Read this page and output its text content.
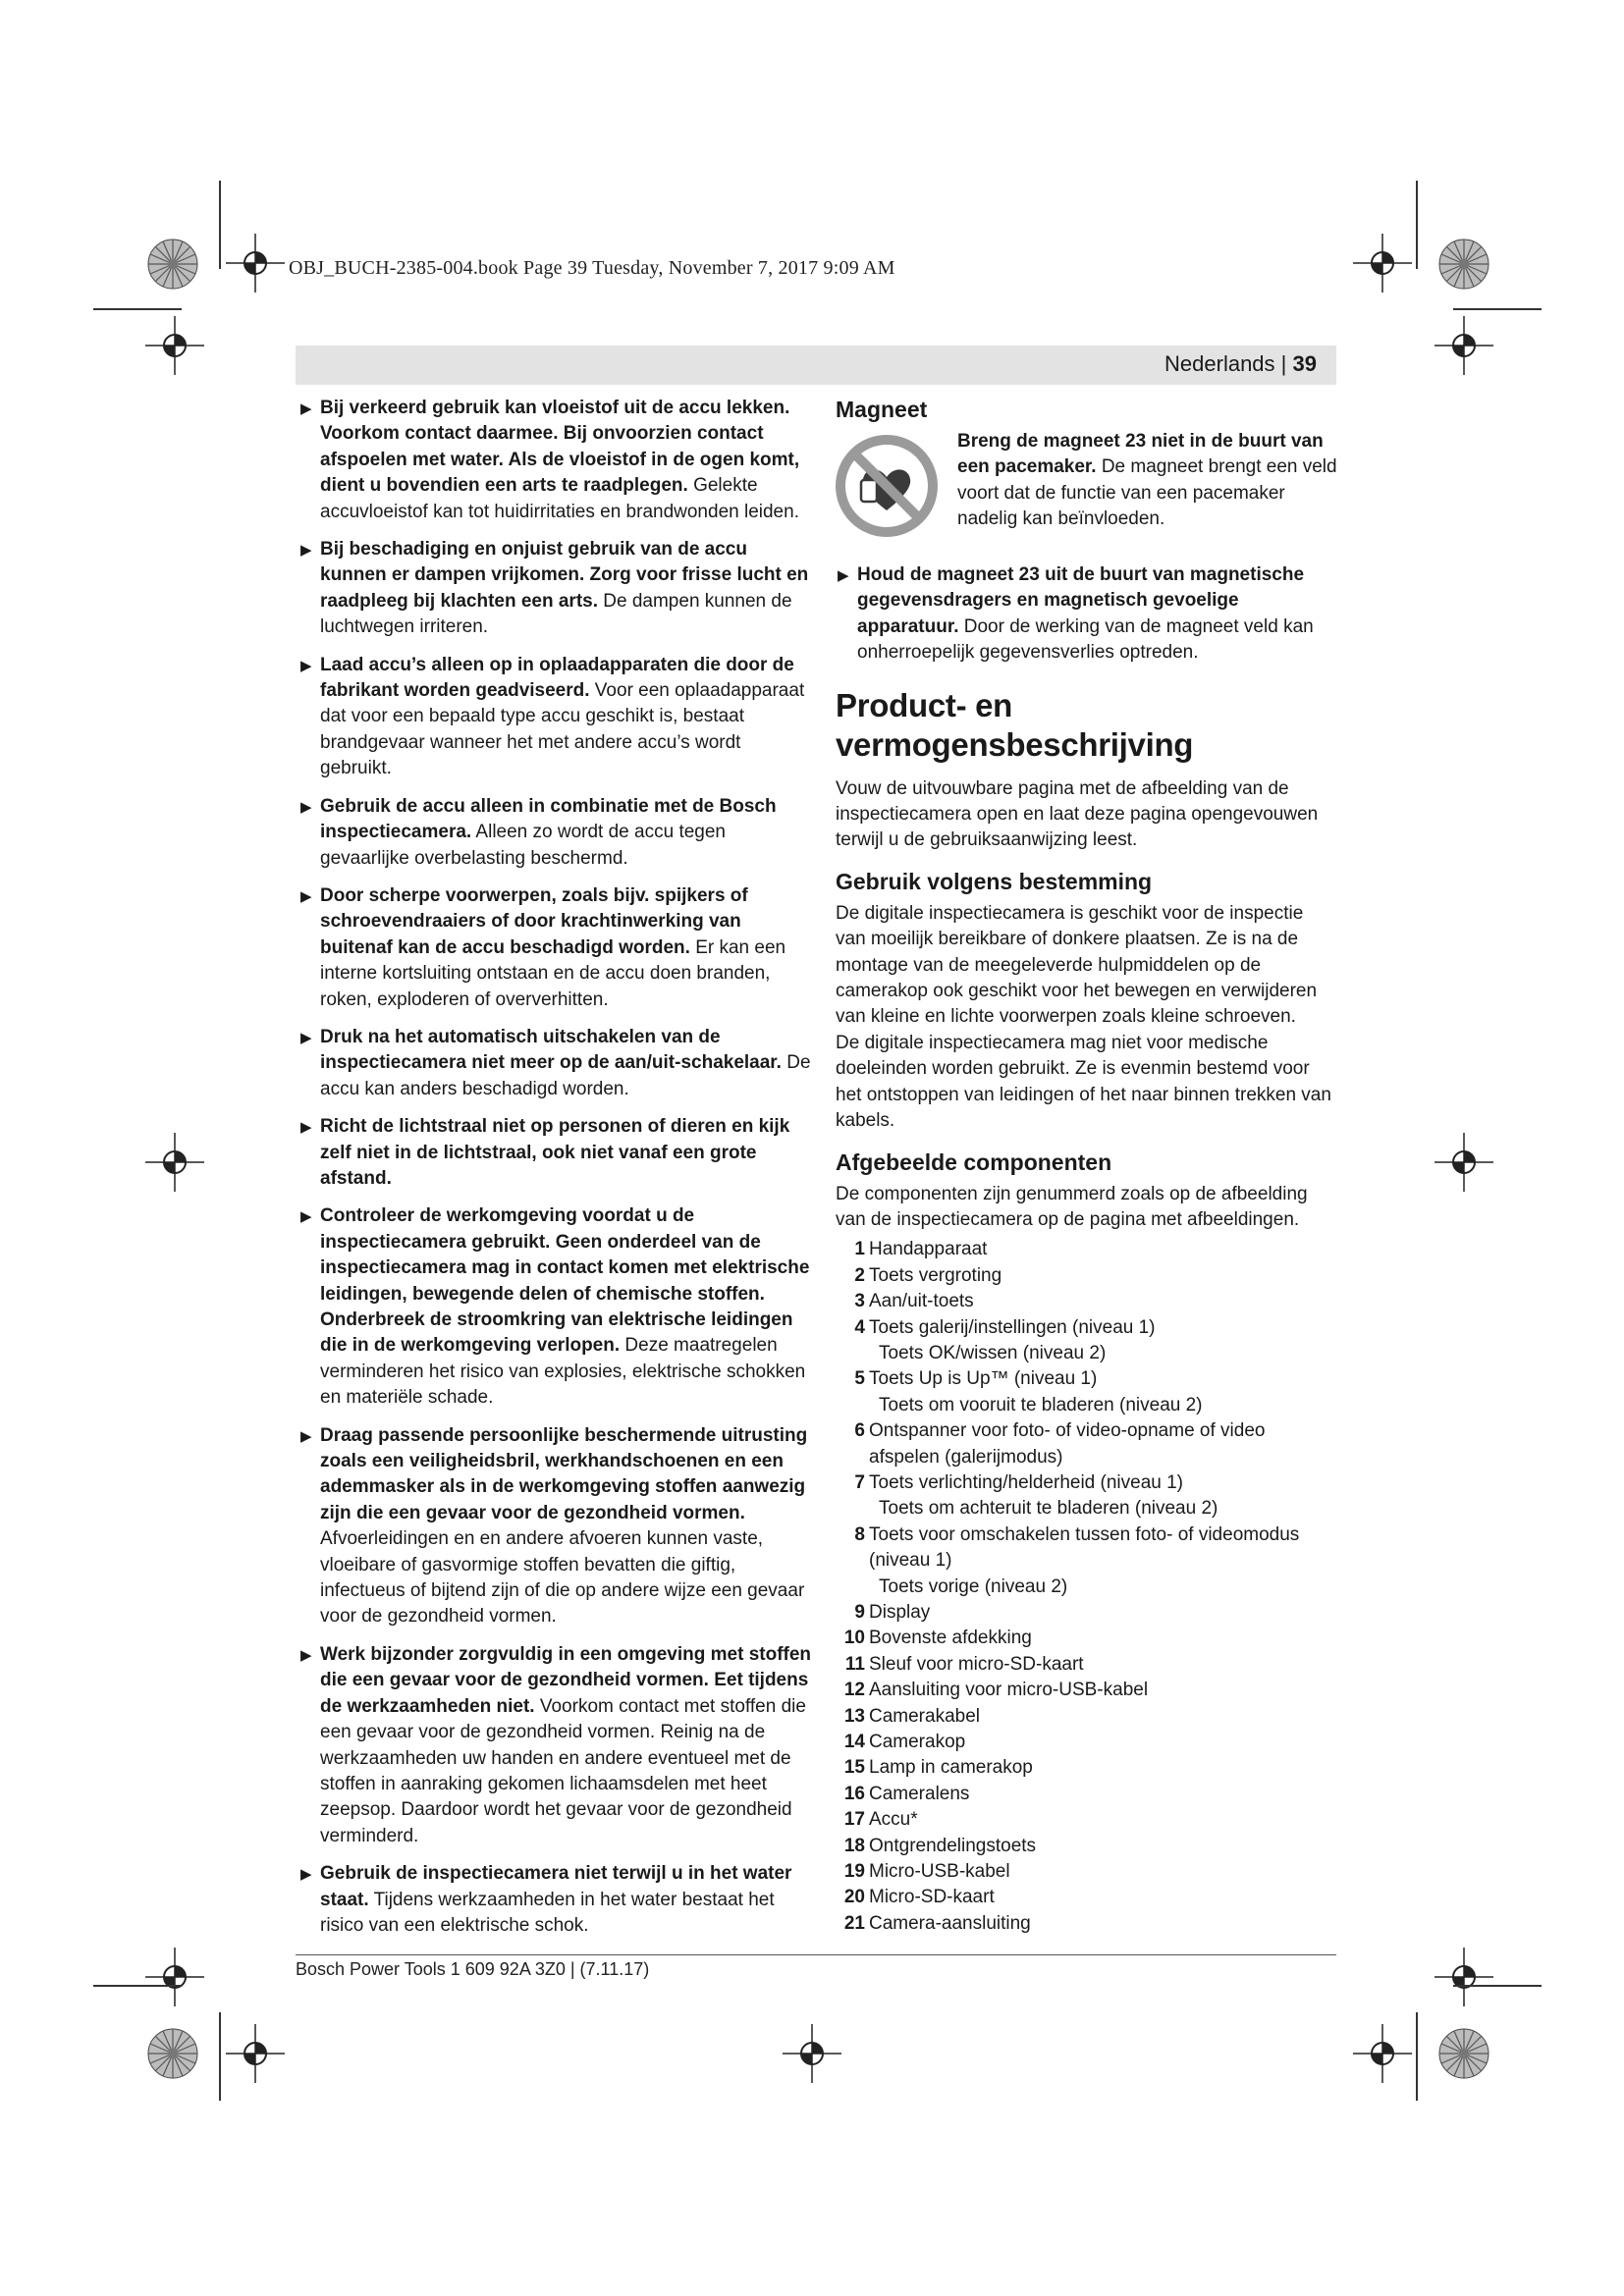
OBJ_BUCH-2385-004.book Page 39 Tuesday, November 7, 2017 9:09 AM
Nederlands | 39
▶ Bij verkeerd gebruik kan vloeistof uit de accu lekken. Voorkom contact daarmee. Bij onvoorzien contact afspoelen met water. Als de vloeistof in de ogen komt, dient u bovendien een arts te raadplegen. Gelekte accuvloeistof kan tot huidirritaties en brandwonden leiden.

▶ Bij beschadiging en onjuist gebruik van de accu kunnen er dampen vrijkomen. Zorg voor frisse lucht en raadpleeg bij klachten een arts. De dampen kunnen de luchtwegen irriteren.

▶ Laad accu’s alleen op in oplaadapparaten die door de fabrikant worden geadviseerd. Voor een oplaadapparaat dat voor een bepaald type accu geschikt is, bestaat brandgevaar wanneer het met andere accu’s wordt gebruikt.

▶ Gebruik de accu alleen in combinatie met de Bosch inspectiecamera. Alleen zo wordt de accu tegen gevaarlijke overbelasting beschermd.

▶ Door scherpe voorwerpen, zoals bijv. spijkers of schroevendraaiers of door krachtinwerking van buitenaf kan de accu beschadigd worden. Er kan een interne kortsluiting ontstaan en de accu doen branden, roken, exploderen of oververhitten.

▶ Druk na het automatisch uitschakelen van de inspectiecamera niet meer op de aan/uit-schakelaar. De accu kan anders beschadigd worden.

▶ Richt de lichtstraal niet op personen of dieren en kijk zelf niet in de lichtstraal, ook niet vanaf een grote afstand.

▶ Controleer de werkomgeving voordat u de inspectiecamera gebruikt. Geen onderdeel van de inspectiecamera mag in contact komen met elektrische leidingen, bewegende delen of chemische stoffen. Onderbreek de stroomkring van elektrische leidingen die in de werkomgeving verlopen. Deze maatregelen verminderen het risico van explosies, elektrische schokken en materiële schade.

▶ Draag passende persoonlijke beschermende uitrusting zoals een veiligheidsbril, werkhandschoenen en een ademmasker als in de werkomgeving stoffen aanwezig zijn die een gevaar voor de gezondheid vormen. Afvoerleidingen en en andere afvoeren kunnen vaste, vloeibare of gasvormige stoffen bevatten die giftig, infectueus of bijtend zijn of die op andere wijze een gevaar voor de gezondheid vormen.

▶ Werk bijzonder zorgvuldig in een omgeving met stoffen die een gevaar voor de gezondheid vormen. Eet tijdens de werkzaamheden niet. Voorkom contact met stoffen die een gevaar voor de gezondheid vormen. Reinig na de werkzaamheden uw handen en andere eventueel met de stoffen in aanraking gekomen lichaamsdelen met heet zeepsop. Daardoor wordt het gevaar voor de gezondheid verminderd.

▶ Gebruik de inspectiecamera niet terwijl u in het water staat. Tijdens werkzaamheden in het water bestaat het risico van een elektrische schok.

Magneet
Breng de magneet 23 niet in de buurt van een pacemaker. De magneet brengt een veld voort dat de functie van een pacemaker nadelig kan beïnvloeden.
▶ Houd de magneet 23 uit de buurt van magnetische gegevensdragers en magnetisch gevoelige apparatuur. Door de werking van de magneet veld kan onherroepelijk gegevensverlies optreden.

Product- en vermogensbeschrijving

Vouw de uitvouwbare pagina met de afbeelding van de inspectiecamera open en laat deze pagina opengevouwen terwijl u de gebruiksaanwijzing leest.

Gebruik volgens bestemming

De digitale inspectiecamera is geschikt voor de inspectie van moeilijk bereikbare of donkere plaatsen. Ze is na de montage van de meegeleverde hulpmiddelen op de camerakop ook geschikt voor het bewegen en verwijderen van kleine en lichte voorwerpen zoals kleine schroeven.

De digitale inspectiecamera mag niet voor medische doeleinden worden gebruikt. Ze is evenmin bestemd voor het ontstoppen van leidingen of het naar binnen trekken van kabels.

Afgebeelde componenten

De componenten zijn genummerd zoals op de afbeelding van de inspectiecamera op de pagina met afbeeldingen.

1 Handapparaat
2 Toets vergroting
3 Aan/uit-toets
4 Toets galerij/instellingen (niveau 1)
Toets OK/wissen (niveau 2)
5 Toets Up is Up™ (niveau 1)
Toets om vooruit te bladeren (niveau 2)
6 Ontspanner voor foto- of video-opname of video afspelen (galerijmodus)
7 Toets verlichting/helderheid (niveau 1)
Toets om achteruit te bladeren (niveau 2)
8 Toets voor omschakelen tussen foto- of videomodus (niveau 1)
Toets vorige (niveau 2)
9 Display
10 Bovenste afdekking
11 Sleuf voor micro-SD-kaart
12 Aansluiting voor micro-USB-kabel
13 Camerakabel
14 Camerakop
15 Lamp in camerakop
16 Cameralens
17 Accu*
18 Ontgrendelingstoets
19 Micro-USB-kabel
20 Micro-SD-kaart
21 Camera-aansluiting
Bosch Power Tools 1 609 92A 3Z0 | (7.11.17)
